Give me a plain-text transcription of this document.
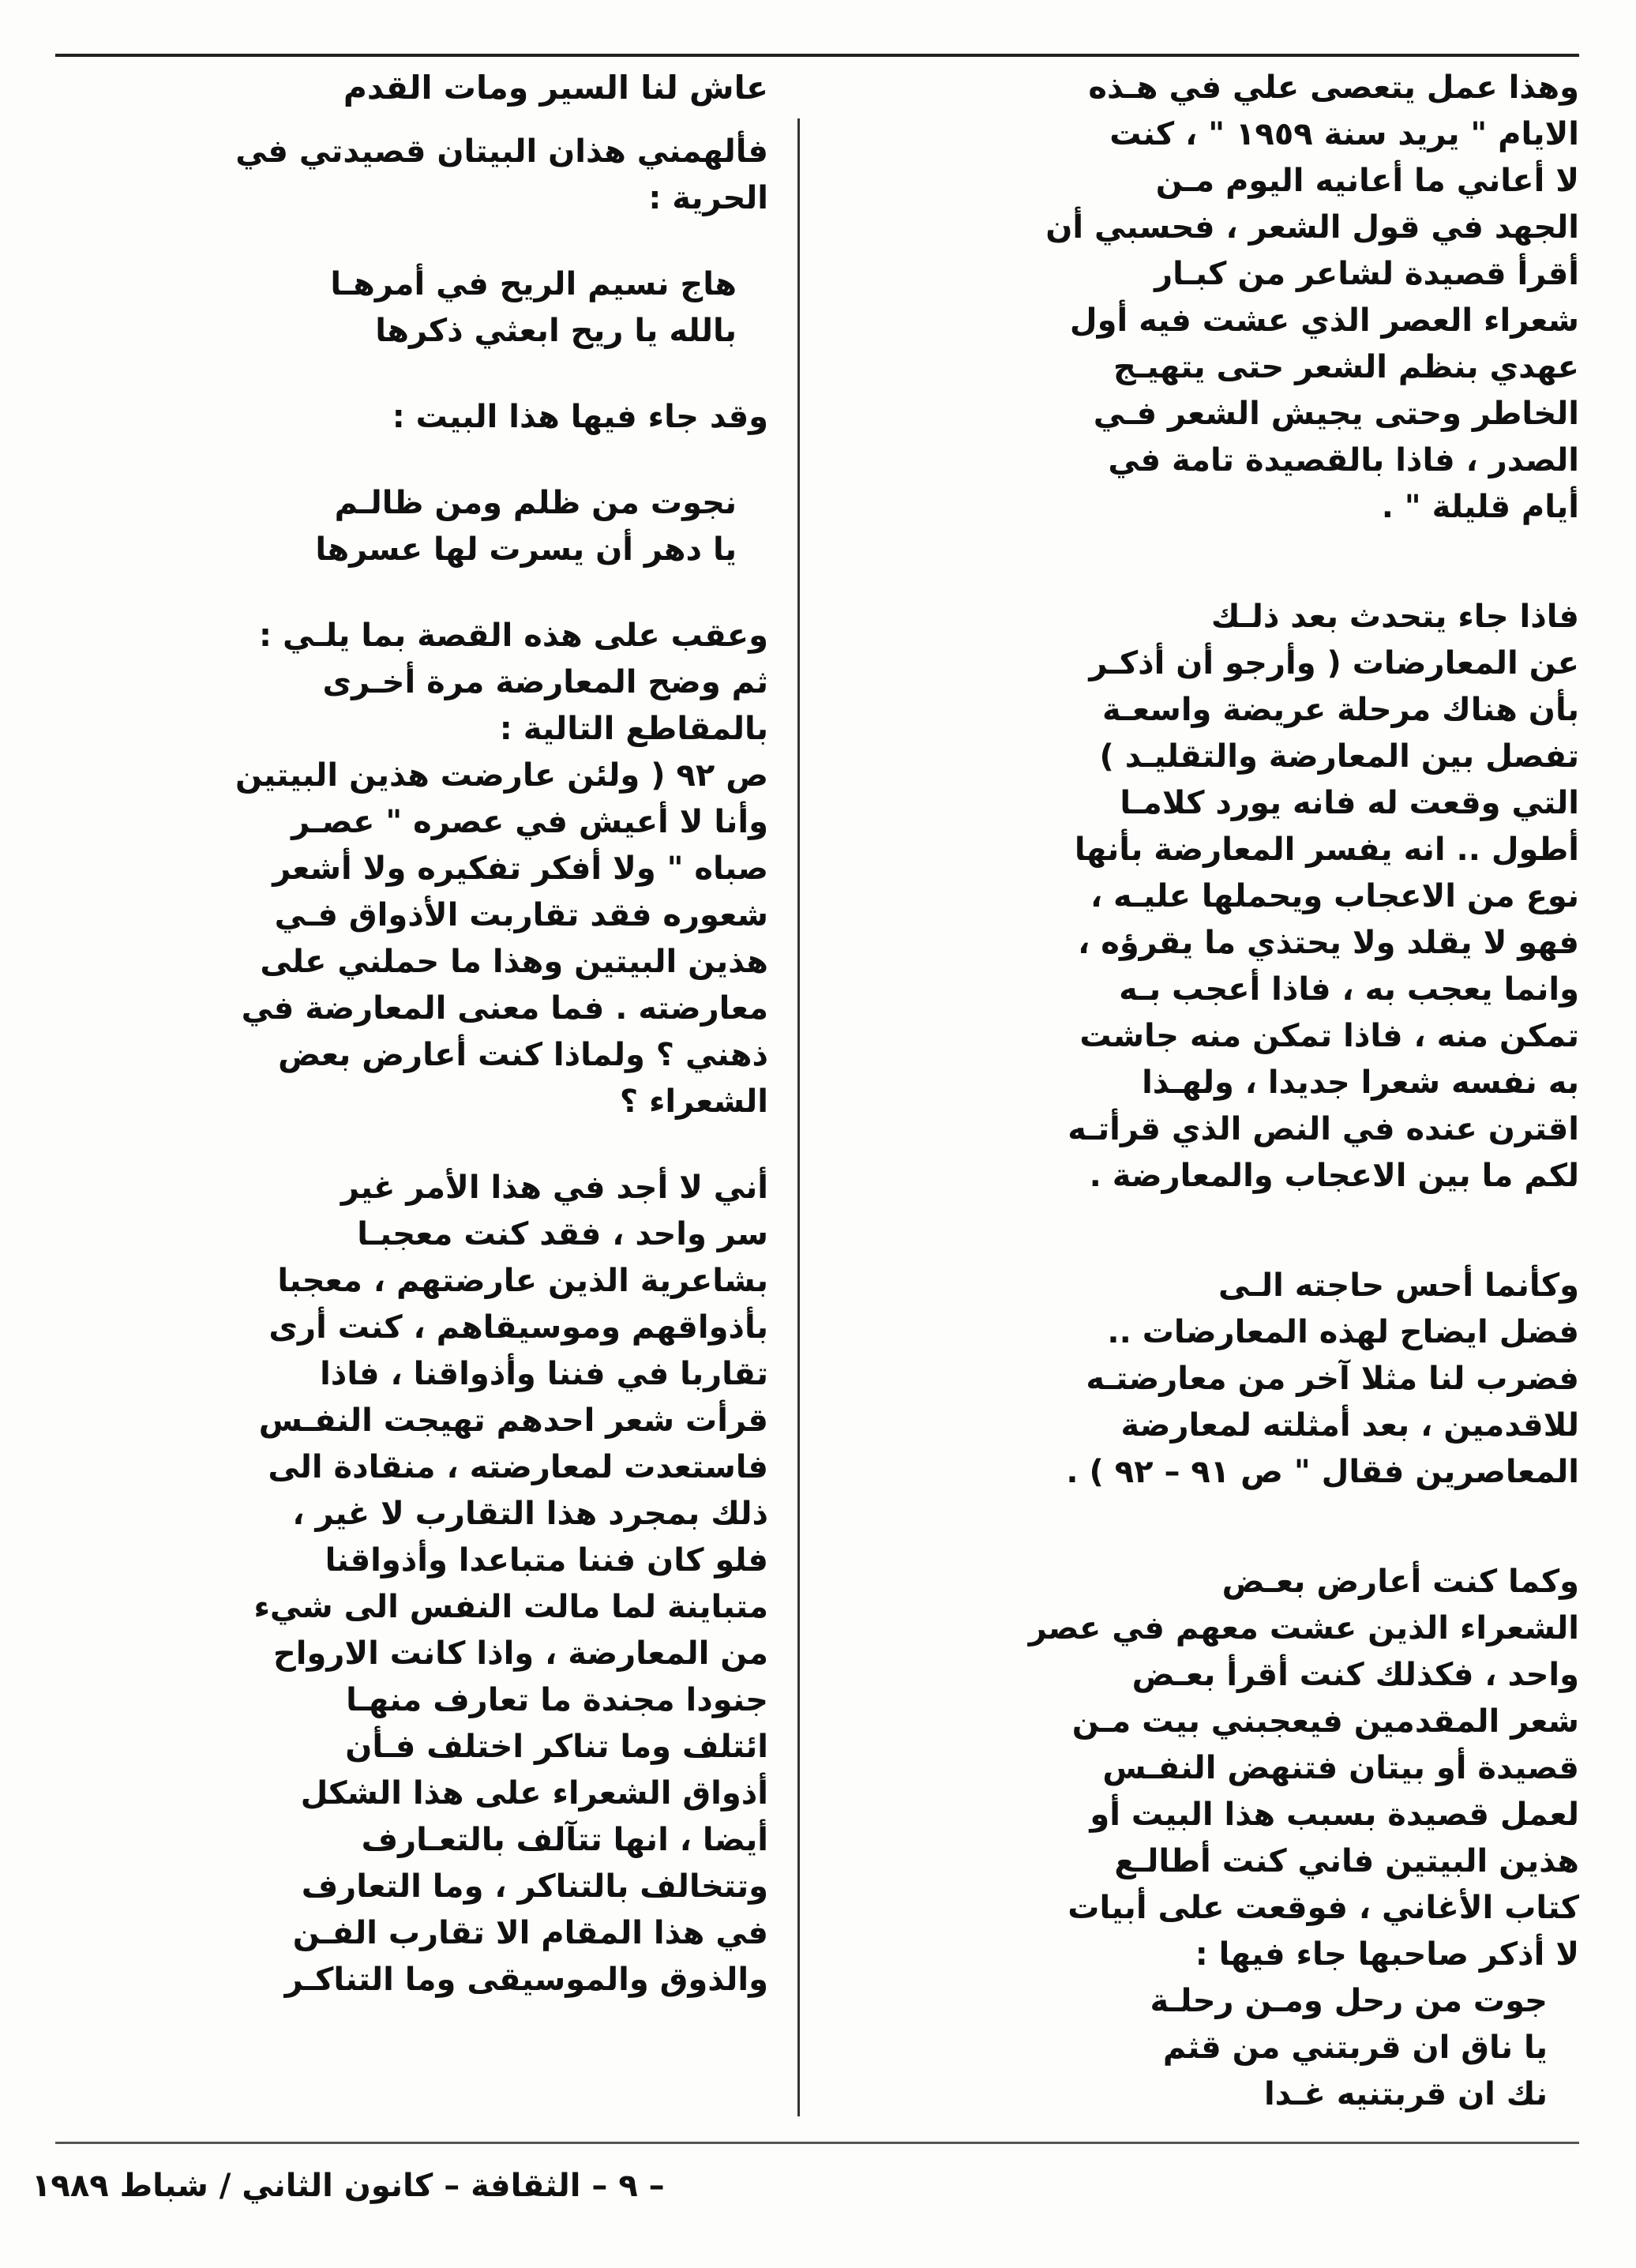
وهذا عمل يتعصى علي في هـذه
الايام " يريد سنة ١٩٥٩ " ، كنت
لا أعاني ما أعانيه اليوم مـن
الجهد في قول الشعر ، فحسبي أن
أقرأ قصيدة لشاعر من كبـار
شعراء العصر الذي عشت فيه أول
عهدي بنظم الشعر حتى يتهيـج
الخاطر وحتى يجيش الشعر فـي
الصدر ، فاذا بالقصيدة تامة في
أيام قليلة " .

فاذا جاء يتحدث بعد ذلـك
عن المعارضات ( وأرجو أن أذكـر
بأن هناك مرحلة عريضة واسعـة
تفصل بين المعارضة والتقليـد )
التي وقعت له فانه يورد كلامـا
أطول .. انه يفسر المعارضة بأنها
نوع من الاعجاب ويحملها عليـه ،
فهو لا يقلد ولا يحتذي ما يقرؤه ،
وانما يعجب به ، فاذا أعجب بـه
تمكن منه ، فاذا تمكن منه جاشت
به نفسه شعرا جديدا ، ولهـذا
اقترن عنده في النص الذي قرأتـه
لكم ما بين الاعجاب والمعارضة .

وكأنما أحس حاجته الـى
فضل ايضاح لهذه المعارضات ..
فضرب لنا مثلا آخر من معارضتـه
للاقدمين ، بعد أمثلته لمعارضة
المعاصرين فقال " ص ٩١ – ٩٢ ) .

وكما كنت أعارض بعـض
الشعراء الذين عشت معهم في عصر
واحد ، فكذلك كنت أقرأ بعـض
شعر المقدمين فيعجبني بيت مـن
قصيدة أو بيتان فتنهض النفـس
لعمل قصيدة بسبب هذا البيت أو
هذين البيتين فاني كنت أطالـع
كتاب الأغاني ، فوقعت على أبيات
لا أذكر صاحبها جاء فيها :

جوت من رحل ومـن رحلـة
يا ناق ان قربتني من قثم
نك ان قربتنيه غـدا

عاش لنا السير ومات القدم

فألهمني هذان البيتان قصيدتي في
الحرية :

هاج نسيم الريح في أمرهـا
بالله يا ريح ابعثي ذكرها

وقد جاء فيها هذا البيت :

نجوت من ظلم ومن ظالـم
يا دهر أن يسرت لها عسرها

وعقب على هذه القصة بما يلـي :
ثم وضح المعارضة مرة أخـرى
بالمقاطع التالية :

ص ٩٢ ( ولئن عارضت هذين البيتين
وأنا لا أعيش في عصره " عصـر
صباه " ولا أفكر تفكيره ولا أشعر
شعوره فقد تقاربت الأذواق فـي
هذين البيتين وهذا ما حملني على
معارضته . فما معنى المعارضة في
ذهني ؟ ولماذا كنت أعارض بعض
الشعراء ؟

أني لا أجد في هذا الأمر غير
سر واحد ، فقد كنت معجبـا
بشاعرية الذين عارضتهم ، معجبا
بأذواقهم وموسيقاهم ، كنت أرى
تقاربا في فننا وأذواقنا ، فاذا
قرأت شعر احدهم تهيجت النفـس
فاستعدت لمعارضته ، منقادة الى
ذلك بمجرد هذا التقارب لا غير ،
فلو كان فننا متباعدا وأذواقنا
متباينة لما مالت النفس الى شيء
من المعارضة ، واذا كانت الارواح
جنودا مجندة ما تعارف منهـا
ائتلف وما تناكر اختلف فـأن
أذواق الشعراء على هذا الشكل
أيضا ، انها تتآلف بالتعـارف
وتتخالف بالتناكر ، وما التعارف
في هذا المقام الا تقارب الفـن
والذوق والموسيقى وما التناكـر

– ٩ – الثقافة – كانون الثاني / شباط ١٩٨٩
